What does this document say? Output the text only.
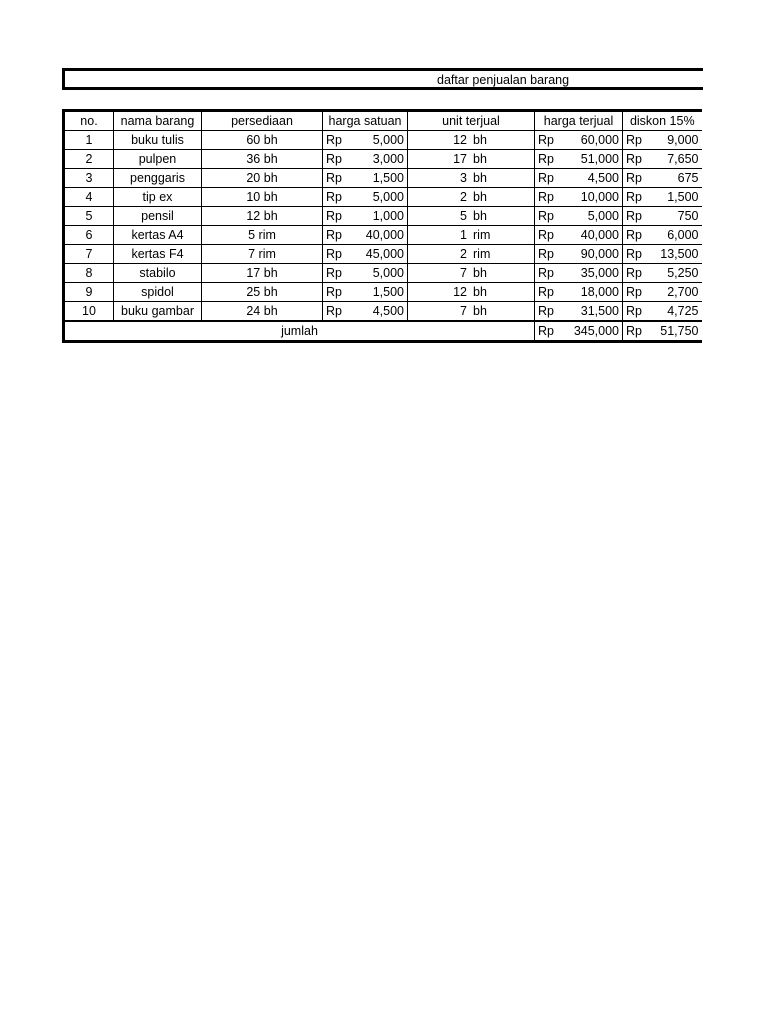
daftar penjualan barang
no.	nama barang	persediaan	harga satuan		unit terjual	harga terjual		diskon 15%	
1	buku tulis	60 bh	Rp	5,000	12 bh	Rp	60,000	Rp	9,000
2	pulpen	36 bh	Rp	3,000	17 bh	Rp	51,000	Rp	7,650
3	penggaris	20 bh	Rp	1,500	3 bh	Rp	4,500	Rp	675
4	tip ex	10 bh	Rp	5,000	2 bh	Rp	10,000	Rp	1,500
5	pensil	12 bh	Rp	1,000	5 bh	Rp	5,000	Rp	750
6	kertas A4	5 rim	Rp	40,000	1 rim	Rp	40,000	Rp	6,000
7	kertas F4	7 rim	Rp	45,000	2 rim	Rp	90,000	Rp	13,500
8	stabilo	17 bh	Rp	5,000	7 bh	Rp	35,000	Rp	5,250
9	spidol	25 bh	Rp	1,500	12 bh	Rp	18,000	Rp	2,700
10	buku gambar	24 bh	Rp	4,500	7 bh	Rp	31,500	Rp	4,725
jumlah						Rp	345,000	Rp	51,750
